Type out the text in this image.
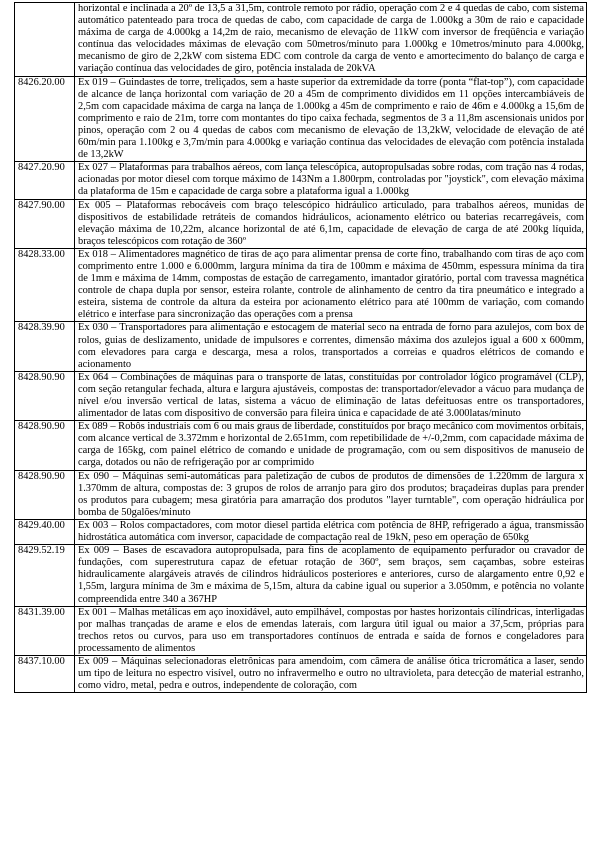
	horizontal e inclinada a 20º de 13,5 a 31,5m, controle remoto por rádio, operação com 2 e 4 quedas de cabo, com sistema automático patenteado para troca de quedas de cabo, com capacidade de carga de 1.000kg a 30m de raio e capacidade máxima de carga de 4.000kg a 14,2m de raio, mecanismo de elevação de 11kW com inversor de freqüência e variação contínua das velocidades máximas de elevação com 50metros/minuto para 1.000kg e 10metros/minuto para 4.000kg, mecanismo de giro de 2,2kW com sistema EDC com controle da carga de vento e amortecimento do balanço de carga e variação contínua das velocidades de giro, potência instalada de 20kVA
8426.20.00	Ex 019 – Guindastes de torre, treliçados, sem a haste superior da extremidade da torre (ponta “flat-top”), com capacidade de alcance de lança horizontal com variação de 20 a 45m de comprimento divididos em 11 opções intercambiáveis de 2,5m com capacidade máxima de carga na lança de 1.000kg a 45m de comprimento e raio de 46m e 4.000kg a 15,6m de comprimento e raio de 21m, torre com montantes do tipo caixa fechada, segmentos de 3 a 11,8m ascensionais unidos por pinos, operação com 2 ou 4 quedas de cabos com mecanismo de elevação de 13,2kW, velocidade de elevação de até 60m/min para 1.100kg e 3,7m/min para 4.000kg e variação contínua das velocidades de elevação com potência instalada de 13,2kW
8427.20.90	Ex 027 – Plataformas para trabalhos aéreos, com lança telescópica, autopropulsadas sobre rodas, com tração nas 4 rodas, acionadas por motor diesel com torque máximo de 143Nm a 1.800rpm, controladas por "joystick", com elevação máxima da plataforma de 15m e capacidade de carga sobre a plataforma igual a 1.000kg
8427.90.00	Ex 005 – Plataformas rebocáveis com braço telescópico hidráulico articulado, para trabalhos aéreos, munidas de dispositivos de estabilidade retráteis de comandos hidráulicos, acionamento elétrico ou baterias recarregáveis, com elevação máxima de 10,22m, alcance horizontal de até 6,1m, capacidade de elevação de carga de até 200kg líquida, braços telescópicos com rotação de 360º
8428.33.00	Ex 018 – Alimentadores magnético de tiras de aço para alimentar prensa de corte fino, trabalhando com tiras de aço com comprimento entre 1.000 e 6.000mm, largura mínima da tira de 100mm e máxima de 450mm, espessura mínima da tira de 1mm e máxima de 14mm, compostas de estação de carregamento, imantador giratório, portal com travessa magnética controle de chapa dupla por sensor, esteira rolante, controle de alinhamento de centro da tira pneumático e integrado a esteira, sistema de controle da altura da esteira por acionamento elétrico para até 100mm de variação, com comando elétrico e interfase para sincronização das operações com a prensa
8428.39.90	Ex 030 – Transportadores para alimentação e estocagem de material seco na entrada de forno para azulejos, com box de rolos, guias de deslizamento, unidade de impulsores e correntes, dimensão máxima dos azulejos igual a 600 x 600mm, com elevadores para carga e descarga, mesa a rolos, transportados a correias e quadros elétricos de comando e acionamento
8428.90.90	Ex 064 – Combinações de máquinas para o transporte de latas, constituídas por controlador lógico programável (CLP), com seção retangular fechada, altura e largura ajustáveis, compostas de: transportador/elevador a vácuo para mudança de nível e/ou inversão vertical de latas, sistema a vácuo de eliminação de latas defeituosas entre os transportadores, alimentador de latas com dispositivo de conversão para fileira única e capacidade de até 3.000latas/minuto
8428.90.90	Ex 089 – Robôs industriais com 6 ou mais graus de liberdade, constituídos por braço mecânico com movimentos orbitais, com alcance vertical de 3.372mm e horizontal de 2.651mm, com repetibilidade de +/-0,2mm, com capacidade máxima de carga de 165kg, com painel elétrico de comando e unidade de programação, com ou sem dispositivos de manuseio de carga, dotados ou não de refrigeração por ar comprimido
8428.90.90	Ex 090 – Máquinas semi-automáticas para paletização de cubos de produtos de dimensões de 1.220mm de largura x 1.370mm de altura, compostas de: 3 grupos de rolos de arranjo para giro dos produtos; braçadeiras duplas para prender os produtos para cubagem; mesa giratória para amarração dos produtos "layer turntable", com operação hidráulica por bomba de 50galões/minuto
8429.40.00	Ex 003 – Rolos compactadores, com motor diesel partida elétrica com potência de 8HP, refrigerado a água, transmissão hidrostática automática com inversor, capacidade de compactação real de 19kN, peso em operação de 650kg
8429.52.19	Ex 009 – Bases de escavadora autopropulsada, para fins de acoplamento de equipamento perfurador ou cravador de fundações, com superestrutura capaz de efetuar rotação de 360º, sem braços, sem caçambas, sobre esteiras hidraulicamente alargáveis através de cilindros hidráulicos posteriores e anteriores, curso de alargamento entre 0,92 e 1,55m, largura mínima de 3m e máxima de 5,15m, altura da cabine igual ou superior a 3.050mm, e potência no volante compreendida entre 340 a 367HP
8431.39.00	Ex 001 – Malhas metálicas em aço inoxidável, auto empilhável, compostas por hastes horizontais cilíndricas, interligadas por malhas trançadas de arame e elos de emendas laterais, com largura útil igual ou maior a 37,5cm, próprias para trechos retos ou curvos, para uso em transportadores contínuos de entrada e saída de fornos e congeladores para processamento de alimentos
8437.10.00	Ex 009 – Máquinas selecionadoras eletrônicas para amendoim, com câmera de análise ótica tricromática a laser, sendo um tipo de leitura no espectro visível, outro no infravermelho e outro no ultravioleta, para detecção de material estranho, como vidro, metal, pedra e outros, independente de coloração, com
